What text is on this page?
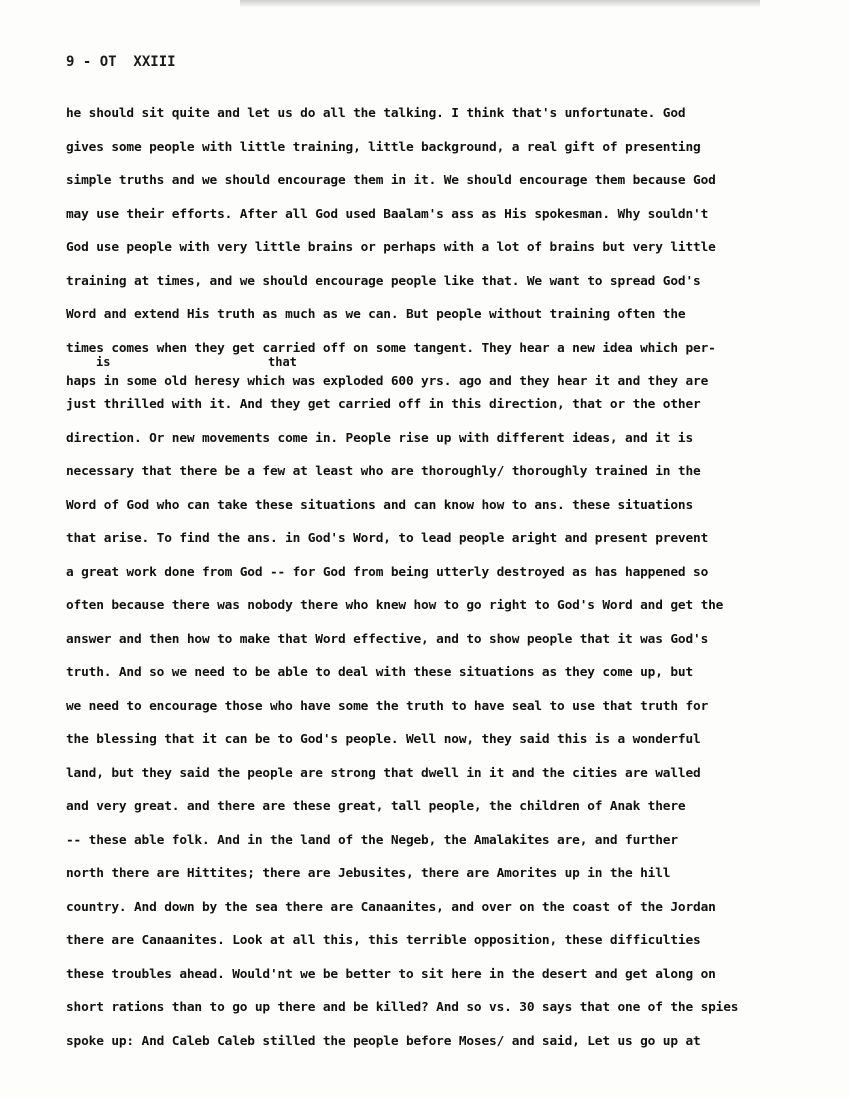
9 - OT  XXIII
is	that
he should sit quite and let us do all the talking. I think that's unfortunate. God
gives some people with little training, little background, a real gift of presenting
simple truths and we should encourage them in it. We should encourage them because God
may use their efforts. After all God used Baalam's ass as His spokesman. Why souldn't
God use people with very little brains or perhaps with a lot of brains but very little
training at times, and we should encourage people like that. We want to spread God's
Word and extend His truth as much as we can. But people without training often the
times comes when they get carried off on some tangent. They hear a new idea which per-
haps in some old heresy which was exploded 600 yrs. ago and they hear it and they are
just thrilled with it. And they get carried off in this direction, that or the other
direction. Or new movements come in. People rise up with different ideas, and it is
necessary that there be a few at least who are thoroughly/ thoroughly trained in the
Word of God who can take these situations and can know how to ans. these situations
that arise. To find the ans. in God's Word, to lead people aright and present prevent
a great work done from God -- for God from being utterly destroyed as has happened so
often because there was nobody there who knew how to go right to God's Word and get the
answer and then how to make that Word effective, and to show people that it was God's
truth. And so we need to be able to deal with these situations as they come up, but
we need to encourage those who have some the truth to have seal to use that truth for
the blessing that it can be to God's people. Well now, they said this is a wonderful
land, but they said the people are strong that dwell in it and the cities are walled
and very great. and there are these great, tall people, the children of Anak there
-- these able folk. And in the land of the Negeb, the Amalakites are, and further
north there are Hittites; there are Jebusites, there are Amorites up in the hill
country. And down by the sea there are Canaanites, and over on the coast of the Jordan
there are Canaanites. Look at all this, this terrible opposition, these difficulties
these troubles ahead. Would'nt we be better to sit here in the desert and get along on
short rations than to go up there and be killed? And so vs. 30 says that one of the spies
spoke up: And Caleb Caleb stilled the people before Moses/ and said, Let us go up at
